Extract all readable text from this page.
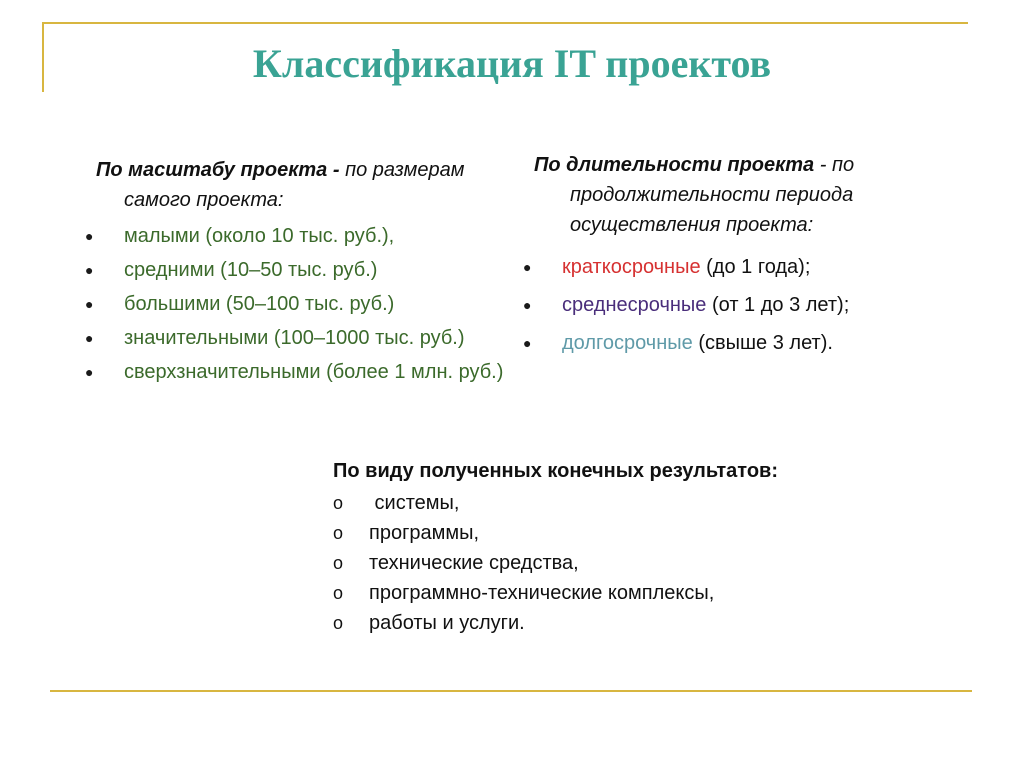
Классификация IT проектов
По масштабу проекта - по размерам самого проекта:
● малыми (около 10 тыс. руб.),
● средними (10–50 тыс. руб.)
● большими (50–100 тыс. руб.)
● значительными (100–1000 тыс. руб.)
● сверхзначительными (более 1 млн. руб.)
По длительности проекта - по продолжительности периода осуществления проекта:
● краткосрочные (до 1 года);
● среднесрочные (от 1 до 3 лет);
● долгосрочные (свыше 3 лет).
По виду полученных конечных результатов:
o системы,
o программы,
o технические средства,
o программно-технические комплексы,
o работы и услуги.
